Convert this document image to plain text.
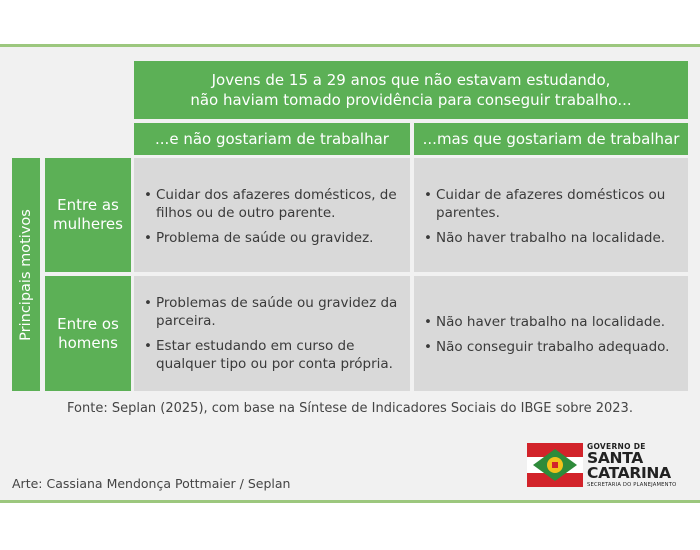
Jovens de 15 a 29 anos que não estavam estudando,
não haviam tomado providência para conseguir trabalho...
...e não gostariam de trabalhar	...mas que gostariam de trabalhar
Principais motivos
Entre as
mulheres
Entre os
homens
• Cuidar dos afazeres domésticos, de filhos ou de outro parente.
• Problema de saúde ou gravidez.
• Cuidar de afazeres domésticos ou parentes.
• Não haver trabalho na localidade.
• Problemas de saúde ou gravidez da parceira.
• Estar estudando em curso de qualquer tipo ou por conta própria.
• Não haver trabalho na localidade.
• Não conseguir trabalho adequado.
Fonte: Seplan (2025), com base na Síntese de Indicadores Sociais do IBGE sobre 2023.
Arte: Cassiana Mendonça Pottmaier / Seplan
GOVERNO DE
SANTA
CATARINA
SECRETARIA DO PLANEJAMENTO
